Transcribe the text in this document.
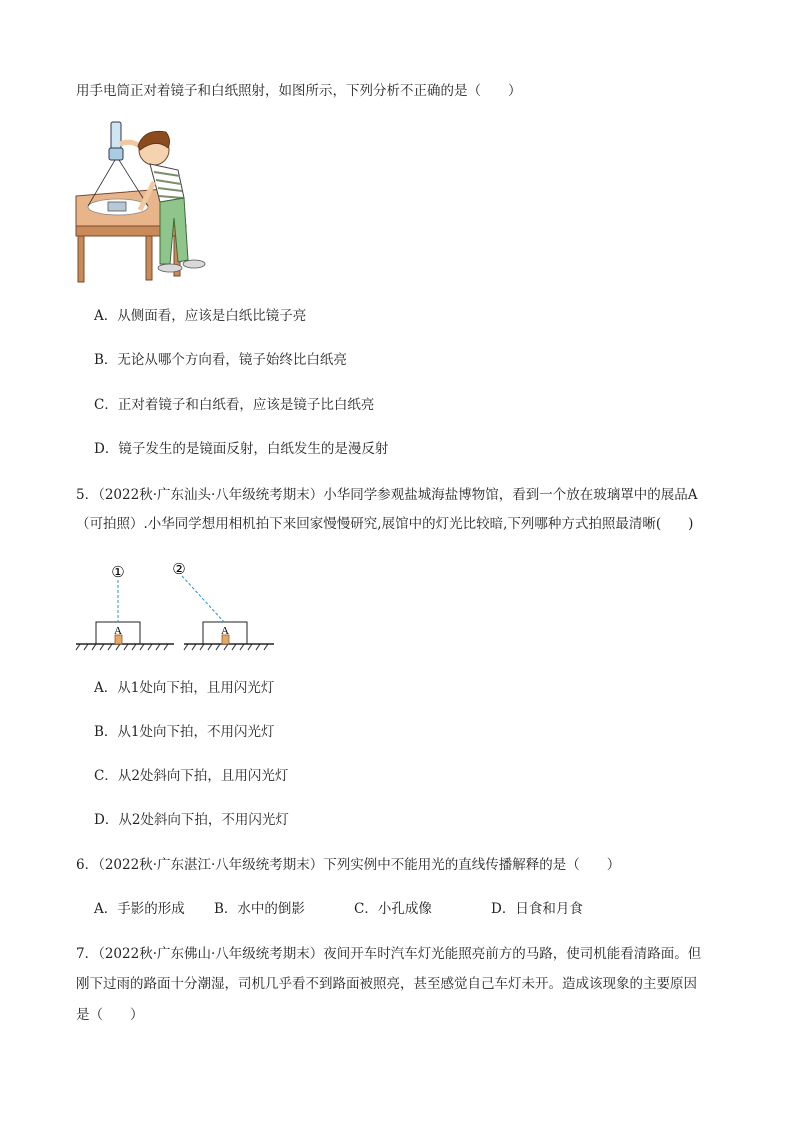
用手电筒正对着镜子和白纸照射，如图所示，下列分析不正确的是（　　）
A．从侧面看，应该是白纸比镜子亮
B．无论从哪个方向看，镜子始终比白纸亮
C．正对着镜子和白纸看，应该是镜子比白纸亮
D．镜子发生的是镜面反射，白纸发生的是漫反射
5．（2022秋·广东汕头·八年级统考期末）小华同学参观盐城海盐博物馆，看到一个放在玻璃罩中的展品A
（可拍照）.小华同学想用相机拍下来回家慢慢研究,展馆中的灯光比较暗,下列哪种方式拍照最清晰(　　)
A	A
①	②
A．从1处向下拍，且用闪光灯
B．从1处向下拍，不用闪光灯
C．从2处斜向下拍，且用闪光灯
D．从2处斜向下拍，不用闪光灯
6．（2022秋·广东湛江·八年级统考期末）下列实例中不能用光的直线传播解释的是（　　）
A．手影的形成 B．水中的倒影	C．小孔成像	D．日食和月食
7．（2022秋·广东佛山·八年级统考期末）夜间开车时汽车灯光能照亮前方的马路，使司机能看清路面。但
刚下过雨的路面十分潮湿，司机几乎看不到路面被照亮，甚至感觉自己车灯未开。造成该现象的主要原因
是（　　）
